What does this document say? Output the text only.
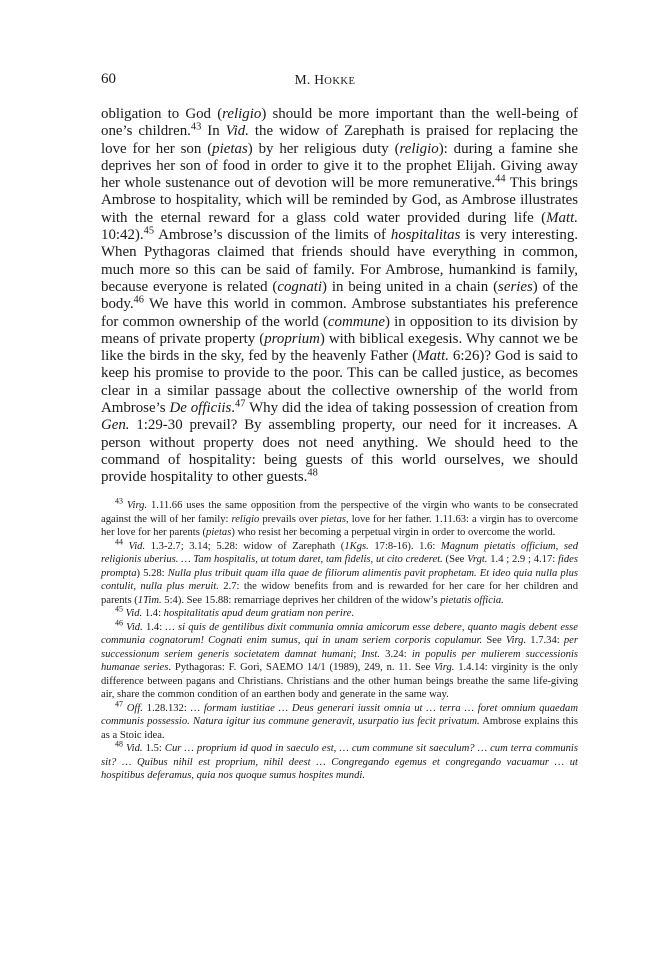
60	M. HOKKE

obligation to God (religio) should be more important than the well-being of one’s children.$^{43}$ In Vid. the widow of Zarephath is praised for replacing the love for her son (pietas) by her religious duty (religio): during a famine she deprives her son of food in order to give it to the prophet Elijah. Giving away her whole sustenance out of devotion will be more remunerative.$^{44}$ This brings Ambrose to hospitality, which will be reminded by God, as Ambrose illustrates with the eternal reward for a glass cold water provided during life (Matt. 10:42).$^{45}$ Ambrose’s discussion of the limits of hospitalitas is very interesting. When Pythagoras claimed that friends should have everything in common, much more so this can be said of family. For Ambrose, humankind is family, because everyone is related (cognati) in being united in a chain (series) of the body.$^{46}$ We have this world in common. Ambrose substantiates his preference for common ownership of the world (commune) in opposition to its division by means of private property (proprium) with biblical exegesis. Why cannot we be like the birds in the sky, fed by the heavenly Father (Matt. 6:26)? God is said to keep his promise to provide to the poor. This can be called justice, as becomes clear in a similar passage about the collective ownership of the world from Ambrose’s De officiis.$^{47}$ Why did the idea of taking possession of creation from Gen. 1:29-30 prevail? By assembling property, our need for it increases. A person without property does not need anything. We should heed to the command of hospitality: being guests of this world ourselves, we should provide hospitality to other guests.$^{48}$

$^{43}$ Virg. 1.11.66 uses the same opposition from the perspective of the virgin who wants to be consecrated against the will of her family: religio prevails over pietas, love for her father. 1.11.63: a virgin has to overcome her love for her parents (pietas) who resist her becoming a perpetual virgin in order to overcome the world.

$^{44}$ Vid. 1.3-2.7; 3.14; 5.28: widow of Zarephath (1Kgs. 17:8-16). 1.6: Magnum pietatis officium, sed religionis uberius. … Tam hospitalis, ut totum daret, tam fidelis, ut cito crederet. (See Vrgt. 1.4 ; 2.9 ; 4.17: fides prompta) 5.28: Nulla plus tribuit quam illa quae de filiorum alimentis pavit prophetam. Et ideo quia nulla plus contulit, nulla plus meruit. 2.7: the widow benefits from and is rewarded for her care for her children and parents (1Tim. 5:4). See 15.88: remarriage deprives her children of the widow’s pietatis officia.

$^{45}$ Vid. 1.4: hospitalitatis apud deum gratiam non perire.

$^{46}$ Vid. 1.4: … si quis de gentilibus dixit communia omnia amicorum esse debere, quanto magis debent esse communia cognatorum! Cognati enim sumus, qui in unam seriem corporis copulamur. See Virg. 1.7.34: per successionum seriem generis societatem damnat humani; Inst. 3.24: in populis per mulierem successionis humanae series. Pythagoras: F. Gori, SAEMO 14/1 (1989), 249, n. 11. See Virg. 1.4.14: virginity is the only difference between pagans and Christians. Christians and the other human beings breathe the same life-giving air, share the common condition of an earthen body and generate in the same way.

$^{47}$ Off. 1.28.132: … formam iustitiae … Deus generari iussit omnia ut … terra … foret omnium quaedam communis possessio. Natura igitur ius commune generavit, usurpatio ius fecit privatum. Ambrose explains this as a Stoic idea.

$^{48}$ Vid. 1.5: Cur … proprium id quod in saeculo est, … cum commune sit saeculum? … cum terra communis sit? … Quibus nihil est proprium, nihil deest … Congregando egemus et congregando vacuamur … ut hospitibus deferamus, quia nos quoque sumus hospites mundi.
